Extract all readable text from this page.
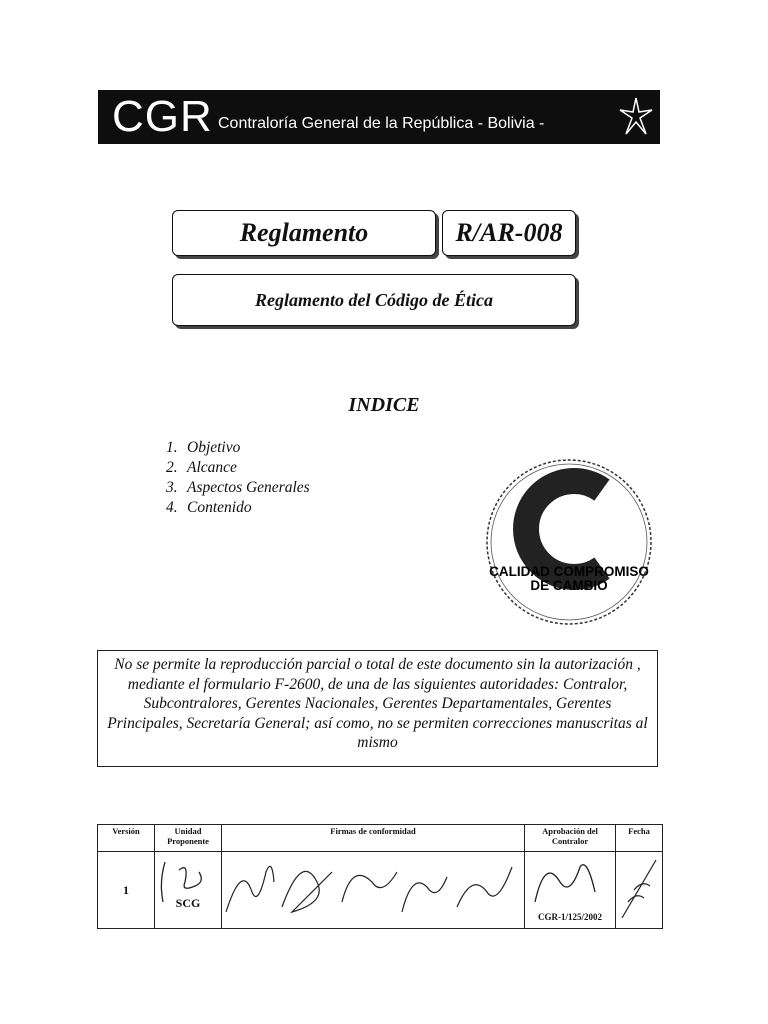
CGR Contraloría General de la República - Bolivia -
Reglamento	R/AR-008
Reglamento del Código de Ética
INDICE
1. Objetivo
2. Alcance
3. Aspectos Generales
4. Contenido
CALIDAD COMPROMISO
DE CAMBIO
No se permite la reproducción parcial o total de este documento sin la autorización , mediante el formulario F-2600, de una de las siguientes autoridades: Contralor, Subcontralores, Gerentes Nacionales, Gerentes Departamentales, Gerentes Principales, Secretaría General; así como, no se permiten correcciones manuscritas al mismo
Versión	Unidad Proponente	Firmas de conformidad	Aprobación del Contralor	Fecha
1	SCG		CGR-1/125/2002
